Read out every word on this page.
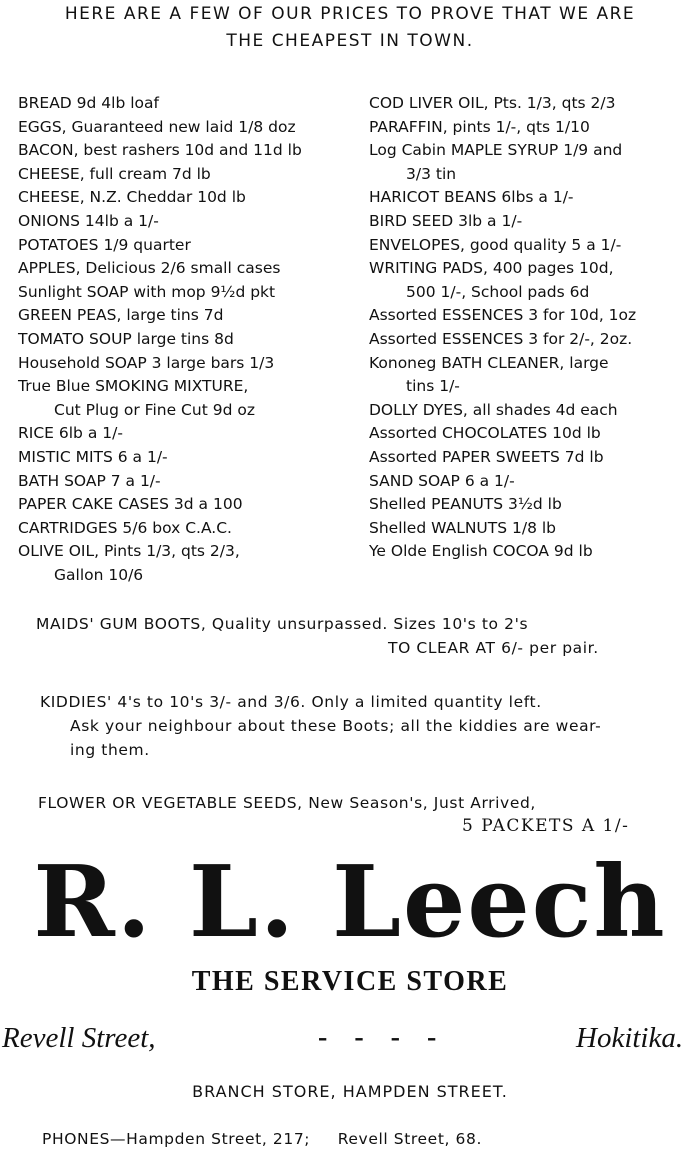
HERE ARE A FEW OF OUR PRICES TO PROVE THAT WE ARE
THE CHEAPEST IN TOWN.
BREAD 9d 4lb loaf
EGGS, Guaranteed new laid 1/8 doz
BACON, best rashers 10d and 11d lb
CHEESE, full cream 7d lb
CHEESE, N.Z. Cheddar 10d lb
ONIONS 14lb a 1/-
POTATOES 1/9 quarter
APPLES, Delicious 2/6 small cases
Sunlight SOAP with mop 9½d pkt
GREEN PEAS, large tins 7d
TOMATO SOUP large tins 8d
Household SOAP 3 large bars 1/3
True Blue SMOKING MIXTURE,
Cut Plug or Fine Cut 9d oz
RICE 6lb a 1/-
MISTIC MITS 6 a 1/-
BATH SOAP 7 a 1/-
PAPER CAKE CASES 3d a 100
CARTRIDGES 5/6 box C.A.C.
OLIVE OIL, Pints 1/3, qts 2/3,
Gallon 10/6
COD LIVER OIL, Pts. 1/3, qts 2/3
PARAFFIN, pints 1/-, qts 1/10
Log Cabin MAPLE SYRUP 1/9 and
3/3 tin
HARICOT BEANS 6lbs a 1/-
BIRD SEED 3lb a 1/-
ENVELOPES, good quality 5 a 1/-
WRITING PADS, 400 pages 10d,
500 1/-, School pads 6d
Assorted ESSENCES 3 for 10d, 1oz
Assorted ESSENCES 3 for 2/-, 2oz.
Kononeg BATH CLEANER, large
tins 1/-
DOLLY DYES, all shades 4d each
Assorted CHOCOLATES 10d lb
Assorted PAPER SWEETS 7d lb
SAND SOAP 6 a 1/-
Shelled PEANUTS 3½d lb
Shelled WALNUTS 1/8 lb
Ye Olde English COCOA 9d lb
MAIDS' GUM BOOTS, Quality unsurpassed. Sizes 10's to 2's
TO CLEAR AT 6/- per pair.
KIDDIES' 4's to 10's 3/- and 3/6. Only a limited quantity left.
Ask your neighbour about these Boots; all the kiddies are wear-
ing them.
FLOWER OR VEGETABLE SEEDS, New Season's, Just Arrived,
5 PACKETS A 1/-
R. L. Leech
THE SERVICE STORE
Revell Street,	- - - -	Hokitika.
BRANCH STORE, HAMPDEN STREET.
PHONES—Hampden Street, 217;     Revell Street, 68.
